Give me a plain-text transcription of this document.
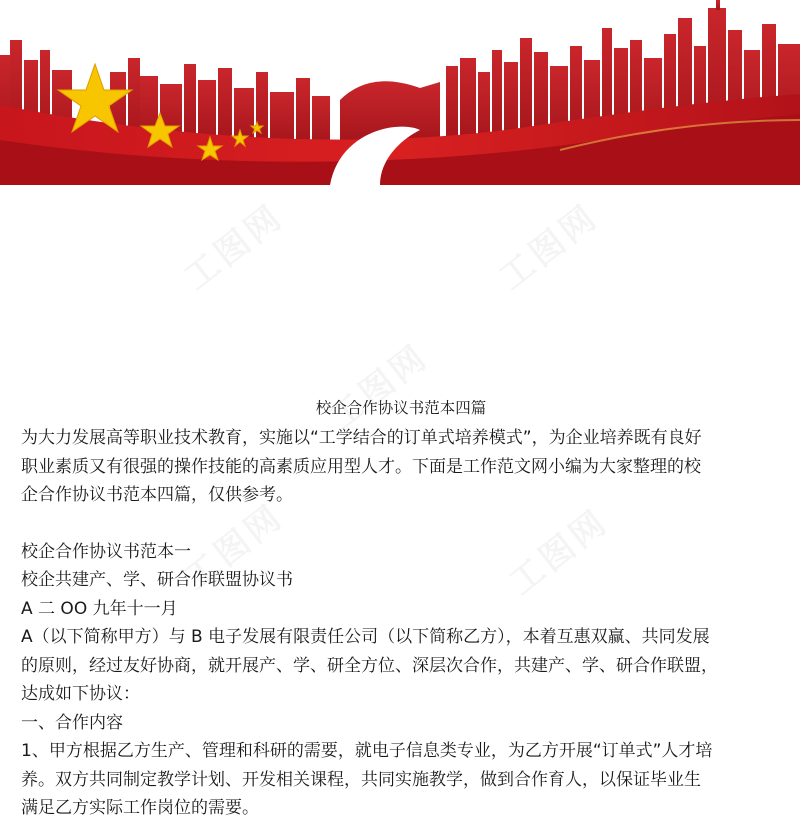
校企合作协议书范本四篇

为大力发展高等职业技术教育，实施以“工学结合的订单式培养模式”，为企业培养既有良好

职业素质又有很强的操作技能的高素质应用型人才。下面是工作范文网小编为大家整理的校

企合作协议书范本四篇，仅供参考。

校企合作协议书范本一

校企共建产、学、研合作联盟协议书

A 二 OO 九年十一月

A（以下简称甲方）与 B 电子发展有限责任公司（以下简称乙方），本着互惠双赢、共同发展

的原则，经过友好协商，就开展产、学、研全方位、深层次合作，共建产、学、研合作联盟，

达成如下协议：

一、合作内容

1、甲方根据乙方生产、管理和科研的需要，就电子信息类专业，为乙方开展“订单式”人才培

养。双方共同制定教学计划、开发相关课程，共同实施教学，做到合作育人，以保证毕业生

满足乙方实际工作岗位的需要。
